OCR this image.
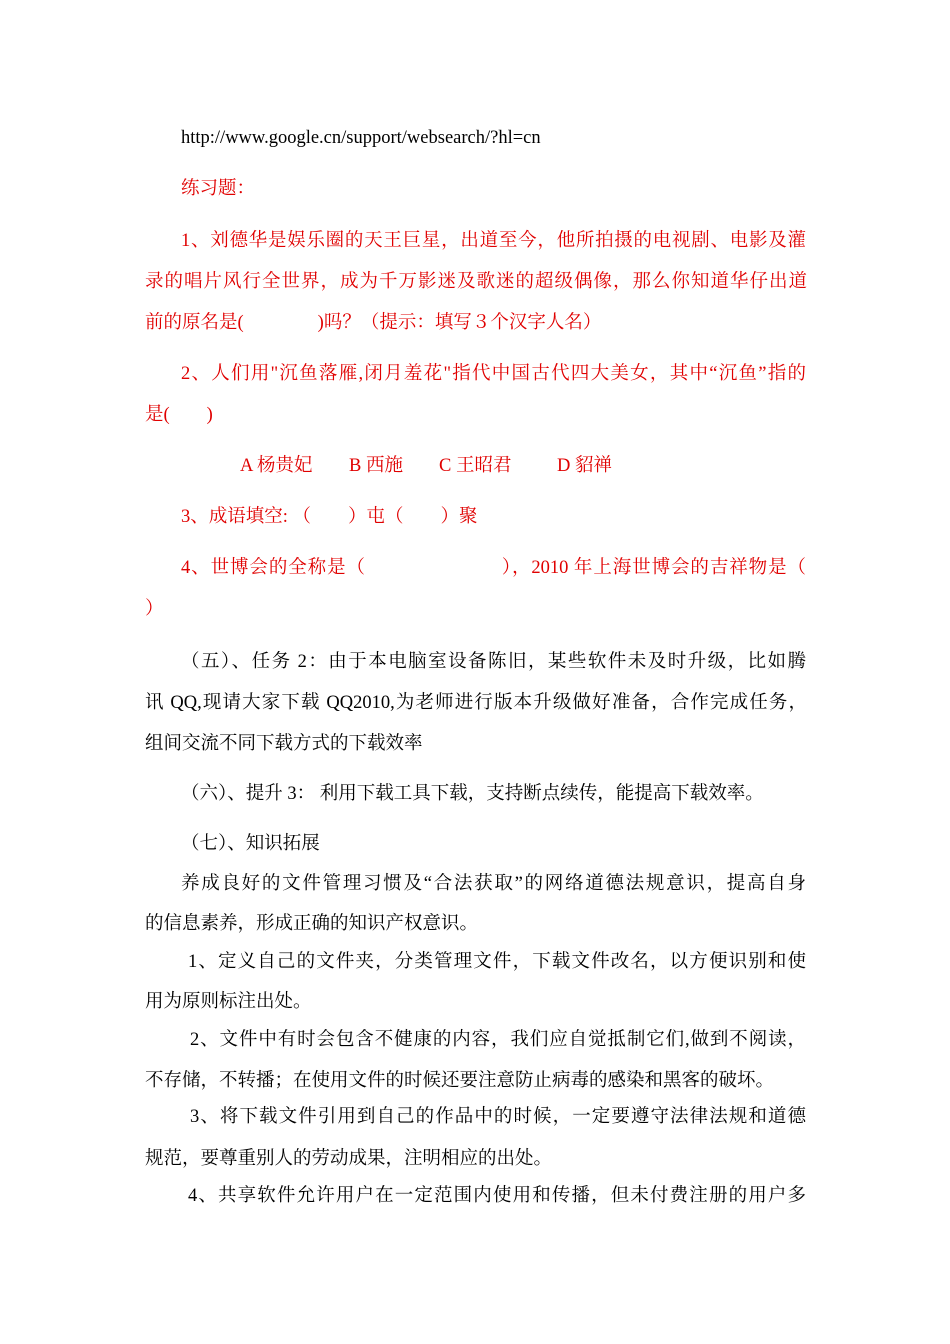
http://www.google.cn/support/websearch/?hl=cn
练习题：
1、刘德华是娱乐圈的天王巨星，出道至今，他所拍摄的电视剧、电影及灌
录的唱片风行全世界，成为千万影迷及歌迷的超级偶像，那么你知道华仔出道
前的原名是(　　　　)吗？（提示：填写３个汉字人名）
2、人们用"沉鱼落雁,闭月羞花"指代中国古代四大美女，其中“沉鱼”指的
是(　　)
A 杨贵妃 B 西施 C 王昭君 D 貂禅
3、成语填空: （　　）屯（　　）聚
4、世博会的全称是（　　　　　　　），2010 年上海世博会的吉祥物是（
）
（五）、任务 2：由于本电脑室设备陈旧，某些软件未及时升级，比如腾
讯 QQ,现请大家下载 QQ2010,为老师进行版本升级做好准备，合作完成任务，
组间交流不同下载方式的下载效率
（六）、提升 3： 利用下载工具下载，支持断点续传，能提高下载效率。
（七）、知识拓展
养成良好的文件管理习惯及“合法获取”的网络道德法规意识，提高自身
的信息素养，形成正确的知识产权意识。
1、定义自己的文件夹，分类管理文件，下载文件改名，以方便识别和使
用为原则标注出处。
2、文件中有时会包含不健康的内容，我们应自觉抵制它们,做到不阅读，
不存储，不转播；在使用文件的时候还要注意防止病毒的感染和黑客的破坏。
3、将下载文件引用到自己的作品中的时候，一定要遵守法律法规和道德
规范，要尊重别人的劳动成果，注明相应的出处。
4、共享软件允许用户在一定范围内使用和传播，但未付费注册的用户多
